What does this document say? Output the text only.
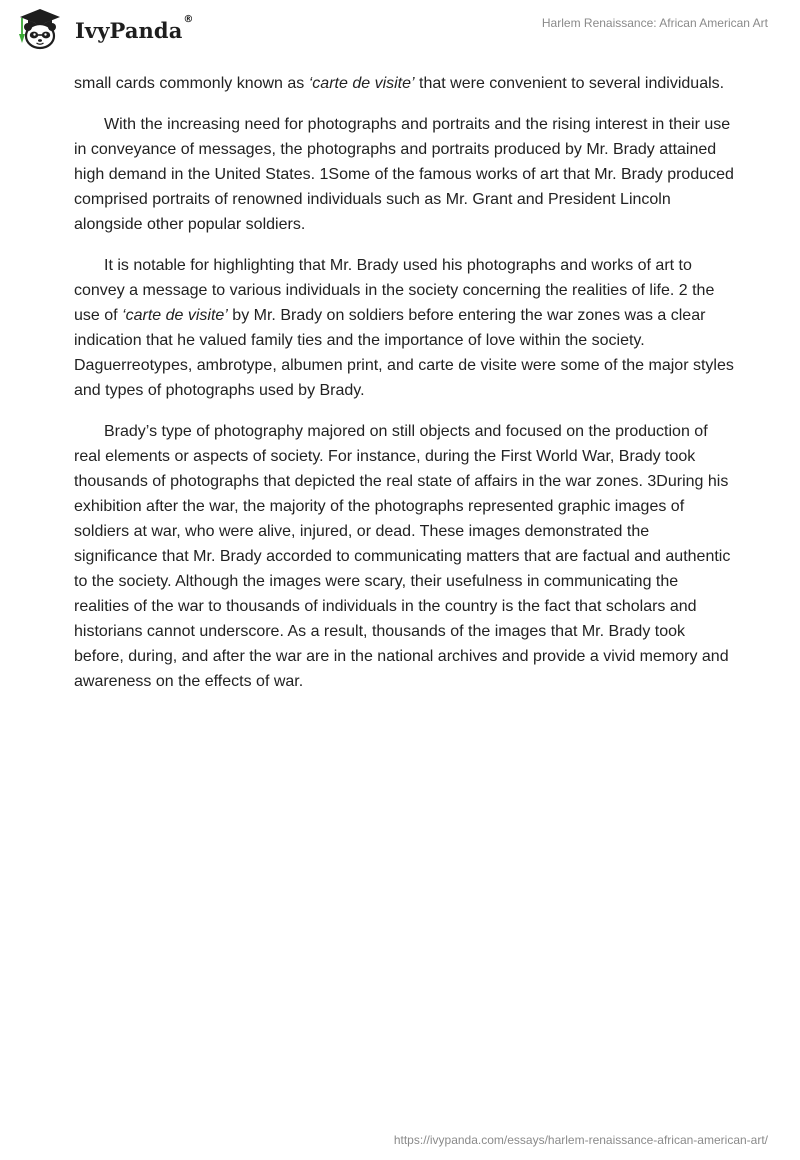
IvyPanda ®	Harlem Renaissance: African American Art

small cards commonly known as ‘carte de visite’ that were convenient to several individuals.

With the increasing need for photographs and portraits and the rising interest in their use in conveyance of messages, the photographs and portraits produced by Mr. Brady attained high demand in the United States. 1Some of the famous works of art that Mr. Brady produced comprised portraits of renowned individuals such as Mr. Grant and President Lincoln alongside other popular soldiers.

It is notable for highlighting that Mr. Brady used his photographs and works of art to convey a message to various individuals in the society concerning the realities of life. 2 the use of ‘carte de visite’ by Mr. Brady on soldiers before entering the war zones was a clear indication that he valued family ties and the importance of love within the society. Daguerreotypes, ambrotype, albumen print, and carte de visite were some of the major styles and types of photographs used by Brady.

Brady’s type of photography majored on still objects and focused on the production of real elements or aspects of society. For instance, during the First World War, Brady took thousands of photographs that depicted the real state of affairs in the war zones. 3During his exhibition after the war, the majority of the photographs represented graphic images of soldiers at war, who were alive, injured, or dead. These images demonstrated the significance that Mr. Brady accorded to communicating matters that are factual and authentic to the society. Although the images were scary, their usefulness in communicating the realities of the war to thousands of individuals in the country is the fact that scholars and historians cannot underscore. As a result, thousands of the images that Mr. Brady took before, during, and after the war are in the national archives and provide a vivid memory and awareness on the effects of war.

https://ivypanda.com/essays/harlem-renaissance-african-american-art/
